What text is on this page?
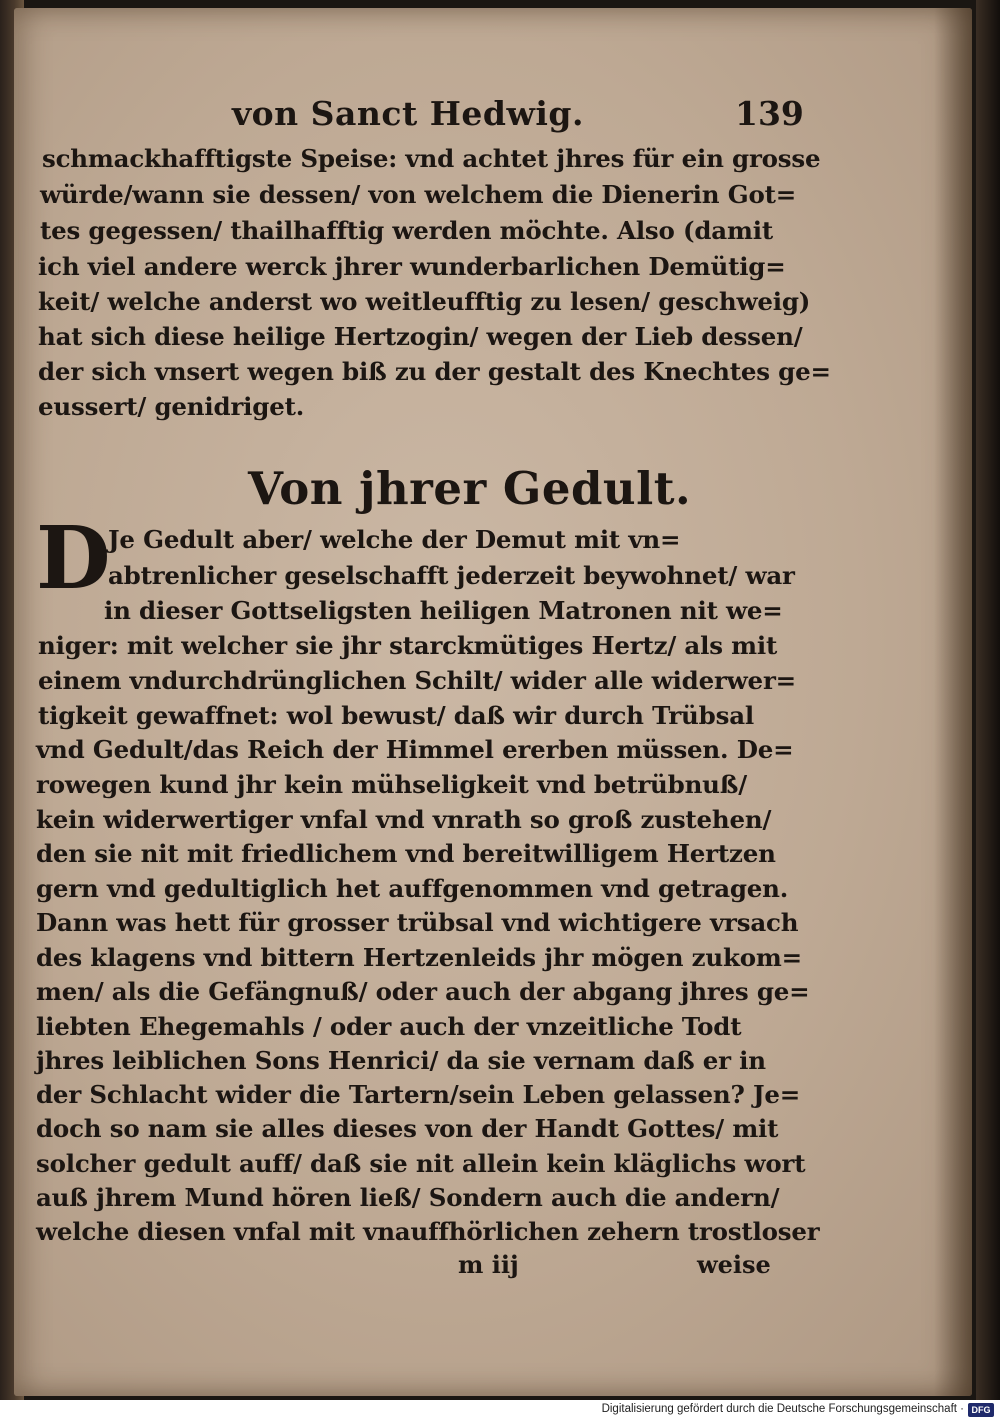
von Sanct Hedwig.	139
schmackhafftigste Speise: vnd achtet jhres für ein grosse
würde/wann sie dessen/ von welchem die Dienerin Got=
tes gegessen/ thailhafftig werden möchte. Also (damit
ich viel andere werck jhrer wunderbarlichen Demütig=
keit/ welche anderst wo weitleufftig zu lesen/ geschweig)
hat sich diese heilige Hertzogin/ wegen der Lieb dessen/
der sich vnsert wegen biß zu der gestalt des Knechtes ge=
eussert/ genidriget.
Von jhrer Gedult.
D
Je Gedult aber/ welche der Demut mit vn=
abtrenlicher geselschafft jederzeit beywohnet/ war
in dieser Gottseligsten heiligen Matronen nit we=
niger: mit welcher sie jhr starckmütiges Hertz/ als mit
einem vndurchdrünglichen Schilt/ wider alle widerwer=
tigkeit gewaffnet: wol bewust/ daß wir durch Trübsal
vnd Gedult/das Reich der Himmel ererben müssen. De=
rowegen kund jhr kein mühseligkeit vnd betrübnuß/
kein widerwertiger vnfal vnd vnrath so groß zustehen/
den sie nit mit friedlichem vnd bereitwilligem Hertzen
gern vnd gedultiglich het auffgenommen vnd getragen.
Dann was hett für grosser trübsal vnd wichtigere vrsach
des klagens vnd bittern Hertzenleids jhr mögen zukom=
men/ als die Gefängnuß/ oder auch der abgang jhres ge=
liebten Ehegemahls / oder auch der vnzeitliche Todt
jhres leiblichen Sons Henrici/ da sie vernam daß er in
der Schlacht wider die Tartern/sein Leben gelassen? Je=
doch so nam sie alles dieses von der Handt Gottes/ mit
solcher gedult auff/ daß sie nit allein kein kläglichs wort
auß jhrem Mund hören ließ/ Sondern auch die andern/
welche diesen vnfal mit vnauffhörlichen zehern trostloser
m iij	weise
Digitalisierung gefördert durch die Deutsche Forschungsgemeinschaft · DFG
